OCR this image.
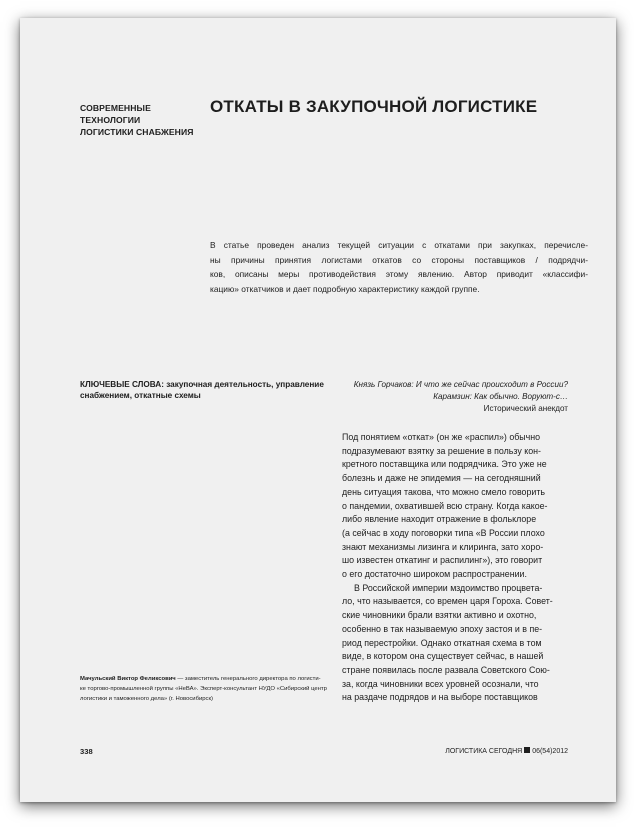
СОВРЕМЕННЫЕ
ТЕХНОЛОГИИ
ЛОГИСТИКИ СНАБЖЕНИЯ
ОТКАТЫ В ЗАКУПОЧНОЙ ЛОГИСТИКЕ
В статье проведен анализ текущей ситуации с откатами при закупках, перечисле-
ны причины принятия логистами откатов со стороны поставщиков / подрядчи-
ков, описаны меры противодействия этому явлению. Автор приводит «классифи-
кацию» откатчиков и дает подробную характеристику каждой группе.
КЛЮЧЕВЫЕ СЛОВА: закупочная деятельность, управление
снабжением, откатные схемы
Князь Горчаков: И что же сейчас происходит в России?
Карамзин: Как обычно. Воруют-с…
Исторический анекдот
Под понятием «откат» (он же «распил») обычно
подразумевают взятку за решение в пользу кон-
кретного поставщика или подрядчика. Это уже не
болезнь и даже не эпидемия — на сегодняшний
день ситуация такова, что можно смело говорить
о пандемии, охватившей всю страну. Когда какое-
либо явление находит отражение в фольклоре
(а сейчас в ходу поговорки типа «В России плохо
знают механизмы лизинга и клиринга, зато хоро-
шо известен откатинг и распилинг»), это говорит
о его достаточно широком распространении.
В Российской империи мздоимство процвета-
ло, что называется, со времен царя Гороха. Совет-
ские чиновники брали взятки активно и охотно,
особенно в так называемую эпоху застоя и в пе-
риод перестройки. Однако откатная схема в том
виде, в котором она существует сейчас, в нашей
стране появилась после развала Советского Сою-
за, когда чиновники всех уровней осознали, что
на раздаче подрядов и на выборе поставщиков
Мачульский Виктор Феликсович — заместитель генерального директора по логисти-
ке торгово-промышленной группы «НеВА». Эксперт-консультант НУДО «Сибирский центр
логистики и таможенного дела» (г. Новосибирск)
338	ЛОГИСТИКА СЕГОДНЯ 06(54)2012
